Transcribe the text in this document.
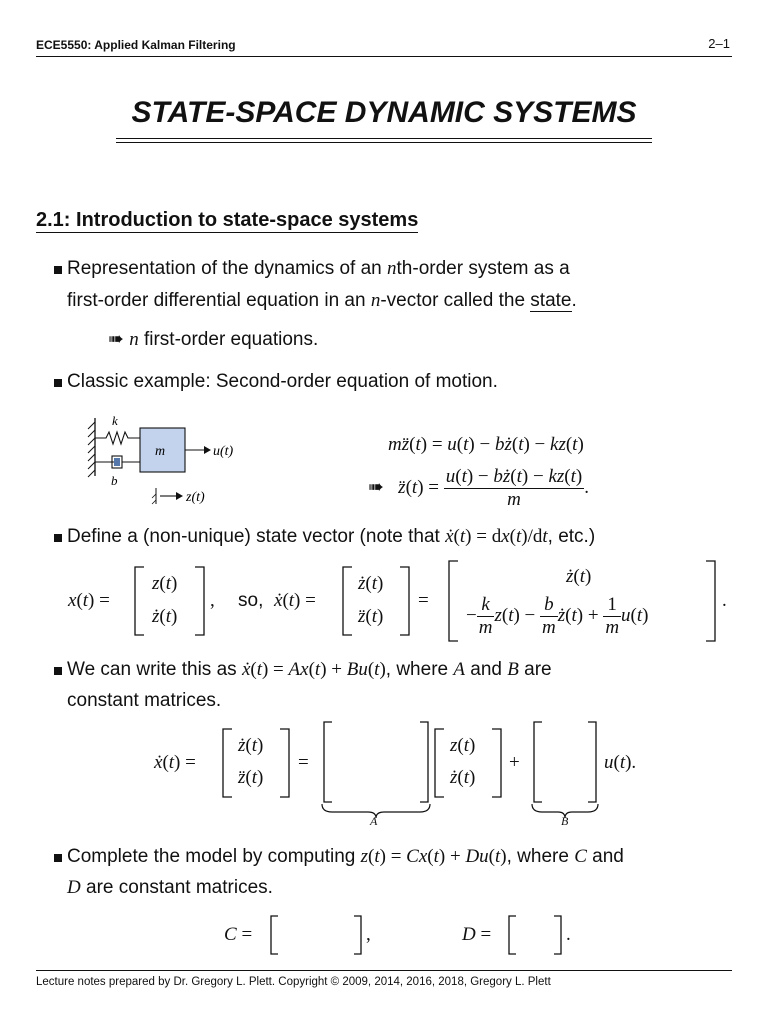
ECE5550: Applied Kalman Filtering	2–1
STATE-SPACE DYNAMIC SYSTEMS
2.1: Introduction to state-space systems
Representation of the dynamics of an nth-order system as a
first-order differential equation in an n-vector called the state.
➠ n first-order equations.
Classic example: Second-order equation of motion.
m	u(t)
k
b
z(t)
mz̈(t) = u(t) − bż(t) − kz(t)
➠ z̈(t) = $\frac{u(t) - bż(t) - kz(t)}{m}$ .
Define a (non-unique) state vector (note that ẋ(t) = dx(t)/dt, etc.)
x(t) =
z(t)
ż(t)
, so, ẋ(t) =
ż(t)
z̈(t)
=
ż(t)
− $\frac{k}{m} z(t) - \frac{b}{m}$ ż(t) + $\frac{1}{m} u(t)$
.
We can write this as ẋ(t) = Ax(t) + Bu(t), where A and B are
constant matrices.
ẋ(t) =
ż(t)
z̈(t)
=
A
z(t)
ż(t)
+
B
u(t).
Complete the model by computing z(t) = Cx(t) + Du(t), where C and
D are constant matrices.
C =	,	D =	.
Lecture notes prepared by Dr. Gregory L. Plett. Copyright © 2009, 2014, 2016, 2018, Gregory L. Plett
